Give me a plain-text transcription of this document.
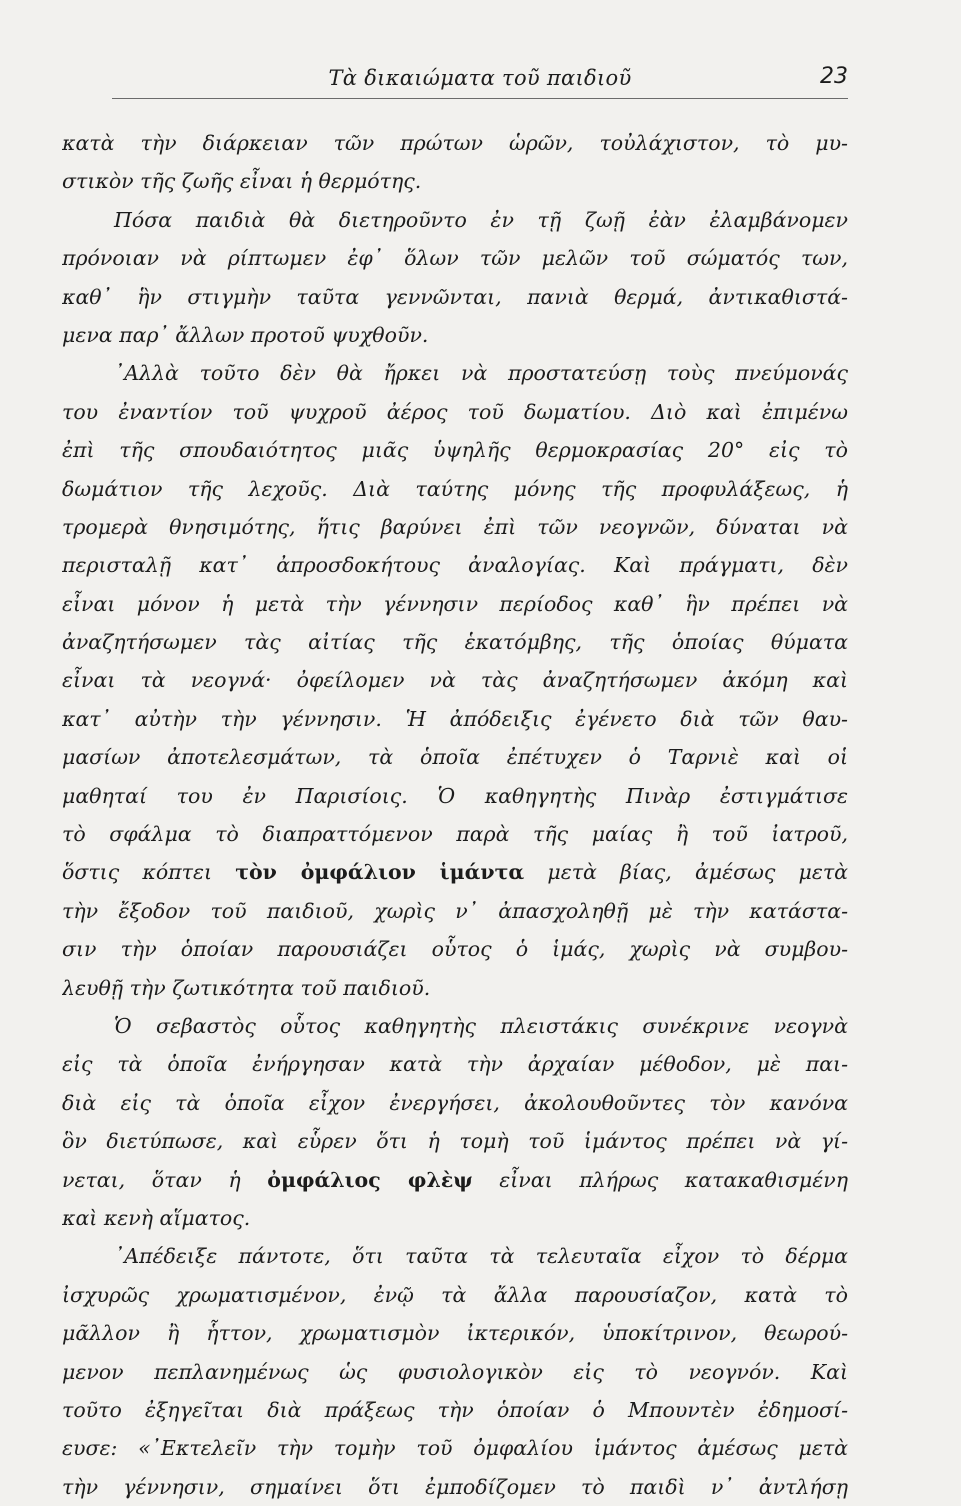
Τὰ δικαιώματα τοῦ παιδιοῦ	23
κατὰ τὴν διάρκειαν τῶν πρώτων ὡρῶν, τοὐλάχιστον, τὸ μυ-
στικὸν τῆς ζωῆς εἶναι ἡ θερμότης.
Πόσα παιδιὰ θὰ διετηροῦντο ἐν τῇ ζωῇ ἐὰν ἐλαμβάνομεν
πρόνοιαν νὰ ρίπτωμεν ἐφ᾽ ὅλων τῶν μελῶν τοῦ σώματός των,
καθ᾽ ἣν στιγμὴν ταῦτα γεννῶνται, πανιὰ θερμά, ἀντικαθιστά-
μενα παρ᾽ ἄλλων προτοῦ ψυχθοῦν.
᾽Αλλὰ τοῦτο δὲν θὰ ἤρκει νὰ προστατεύσῃ τοὺς πνεύμονάς
του ἐναντίον τοῦ ψυχροῦ ἀέρος τοῦ δωματίου. Διὸ καὶ ἐπιμένω
ἐπὶ τῆς σπουδαιότητος μιᾶς ὑψηλῆς θερμοκρασίας 20° εἰς τὸ
δωμάτιον τῆς λεχοῦς. Διὰ ταύτης μόνης τῆς προφυλάξεως, ἡ
τρομερὰ θνησιμότης, ἥτις βαρύνει ἐπὶ τῶν νεογνῶν, δύναται νὰ
περισταλῇ κατ᾽ ἀπροσδοκήτους ἀναλογίας. Καὶ πράγματι, δὲν
εἶναι μόνον ἡ μετὰ τὴν γέννησιν περίοδος καθ᾽ ἣν πρέπει νὰ
ἀναζητήσωμεν τὰς αἰτίας τῆς ἑκατόμβης, τῆς ὁποίας θύματα
εἶναι τὰ νεογνά· ὀφείλομεν νὰ τὰς ἀναζητήσωμεν ἀκόμη καὶ
κατ᾽ αὐτὴν τὴν γέννησιν. Ἡ ἀπόδειξις ἐγένετο διὰ τῶν θαυ-
μασίων ἀποτελεσμάτων, τὰ ὁποῖα ἐπέτυχεν ὁ Ταρνιὲ καὶ οἱ
μαθηταί του ἐν Παρισίοις. Ὁ καθηγητὴς Πινὰρ ἐστιγμάτισε
τὸ σφάλμα τὸ διαπραττόμενον παρὰ τῆς μαίας ἢ τοῦ ἰατροῦ,
ὅστις κόπτει τὸν ὀμφάλιον ἱμάντα μετὰ βίας, ἀμέσως μετὰ
τὴν ἔξοδον τοῦ παιδιοῦ, χωρὶς ν᾽ ἀπασχοληθῇ μὲ τὴν κατάστα-
σιν τὴν ὁποίαν παρουσιάζει οὗτος ὁ ἱμάς, χωρὶς νὰ συμβου-
λευθῇ τὴν ζωτικότητα τοῦ παιδιοῦ.
Ὁ σεβαστὸς οὗτος καθηγητὴς πλειστάκις συνέκρινε νεογνὰ
εἰς τὰ ὁποῖα ἐνήργησαν κατὰ τὴν ἀρχαίαν μέθοδον, μὲ παι-
διὰ εἰς τὰ ὁποῖα εἶχον ἐνεργήσει, ἀκολουθοῦντες τὸν κανόνα
ὃν διετύπωσε, καὶ εὗρεν ὅτι ἡ τομὴ τοῦ ἱμάντος πρέπει νὰ γί-
νεται, ὅταν ἡ ὀμφάλιος φλὲψ εἶναι πλήρως κατακαθισμένη
καὶ κενὴ αἵματος.
᾽Απέδειξε πάντοτε, ὅτι ταῦτα τὰ τελευταῖα εἶχον τὸ δέρμα
ἰσχυρῶς χρωματισμένον, ἐνῷ τὰ ἄλλα παρουσίαζον, κατὰ τὸ
μᾶλλον ἢ ἧττον, χρωματισμὸν ἰκτερικόν, ὑποκίτρινον, θεωρού-
μενον πεπλανημένως ὡς φυσιολογικὸν εἰς τὸ νεογνόν. Καὶ
τοῦτο ἐξηγεῖται διὰ πράξεως τὴν ὁποίαν ὁ Μπουντὲν ἐδημοσί-
ευσε: «᾽Εκτελεῖν τὴν τομὴν τοῦ ὀμφαλίου ἱμάντος ἀμέσως μετὰ
τὴν γέννησιν, σημαίνει ὅτι ἐμποδίζομεν τὸ παιδὶ ν᾽ ἀντλήσῃ
